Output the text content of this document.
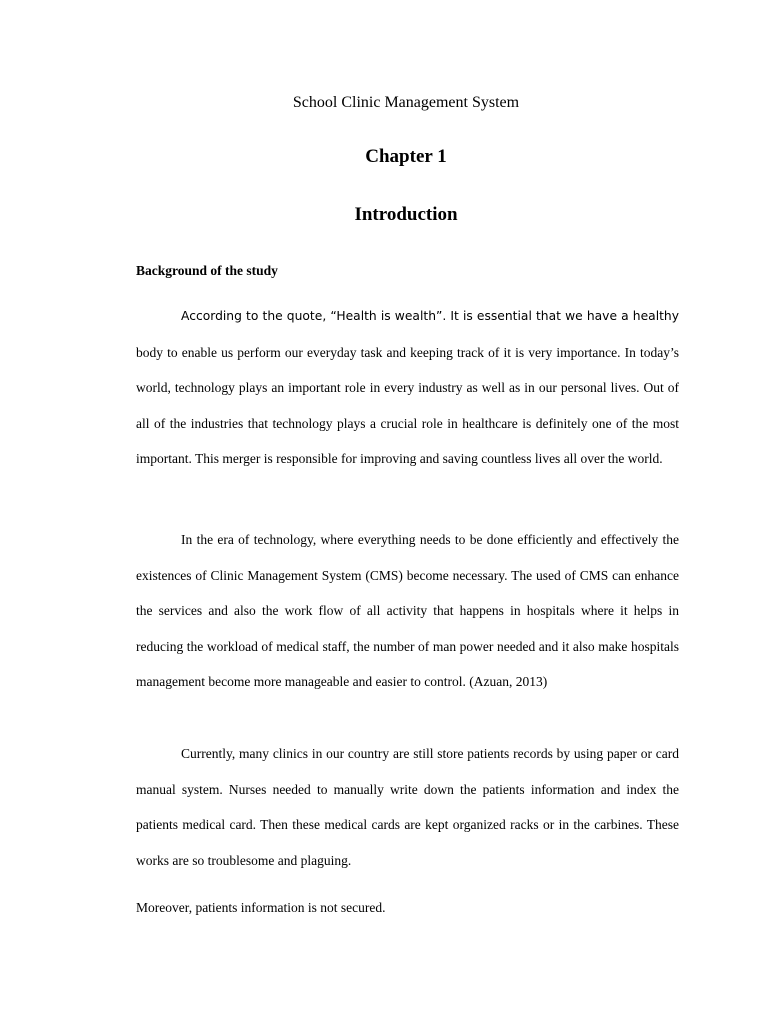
School Clinic Management System
Chapter 1
Introduction
Background of the study

According to the quote, “Health is wealth”. It is essential that we have a healthy body to enable us perform our everyday task and keeping track of it is very importance. In today’s world, technology plays an important role in every industry as well as in our personal lives. Out of all of the industries that technology plays a crucial role in healthcare is definitely one of the most important. This merger is responsible for improving and saving countless lives all over the world.

In the era of technology, where everything needs to be done efficiently and effectively the existences of Clinic Management System (CMS) become necessary. The used of CMS can enhance the services and also the work flow of all activity that happens in hospitals where it helps in reducing the workload of medical staff, the number of man power needed and it also make hospitals management become more manageable and easier to control. (Azuan, 2013)

Currently, many clinics in our country are still store patients records by using paper or card manual system. Nurses needed to manually write down the patients information and index the patients medical card. Then these medical cards are kept organized racks or in the carbines. These works are so troublesome and plaguing.

Moreover, patients information is not secured.
